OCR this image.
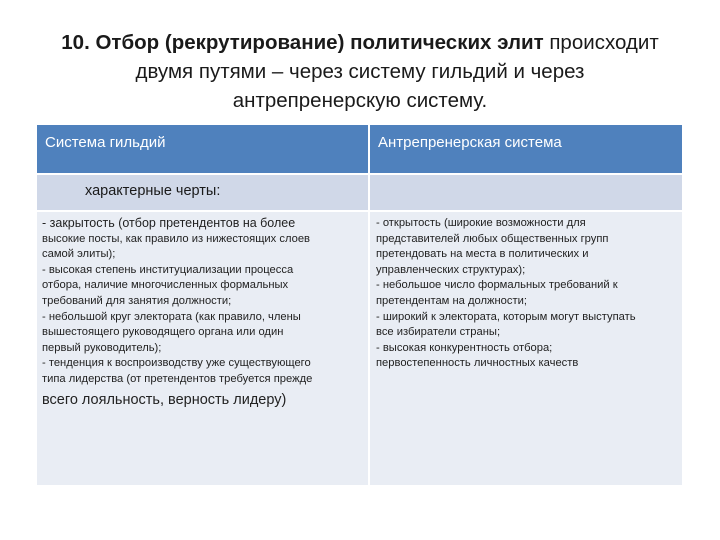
10. Отбор (рекрутирование) политических элит происходит
двумя путями – через систему гильдий и через
антрепренерскую систему.
Система гильдий	Антрепренерская система
характерные черты:
- закрытость (отбор претендентов на более
высокие посты, как правило из нижестоящих слоев
самой элиты);
- высокая степень институциализации процесса
отбора, наличие многочисленных формальных
требований для занятия должности;
- небольшой круг электората (как правило, члены
вышестоящего руководящего органа или один
первый руководитель);
- тенденция к воспроизводству уже существующего
типа лидерства (от претендентов требуется прежде
всего лояльность, верность лидеру)
- открытость (широкие возможности для
представителей любых общественных групп
претендовать на места в политических и
управленческих структурах);
- небольшое число формальных требований к
претендентам на должности;
- широкий к электората, которым могут выступать
все избиратели страны;
- высокая конкурентность отбора;
первостепенность личностных качеств
